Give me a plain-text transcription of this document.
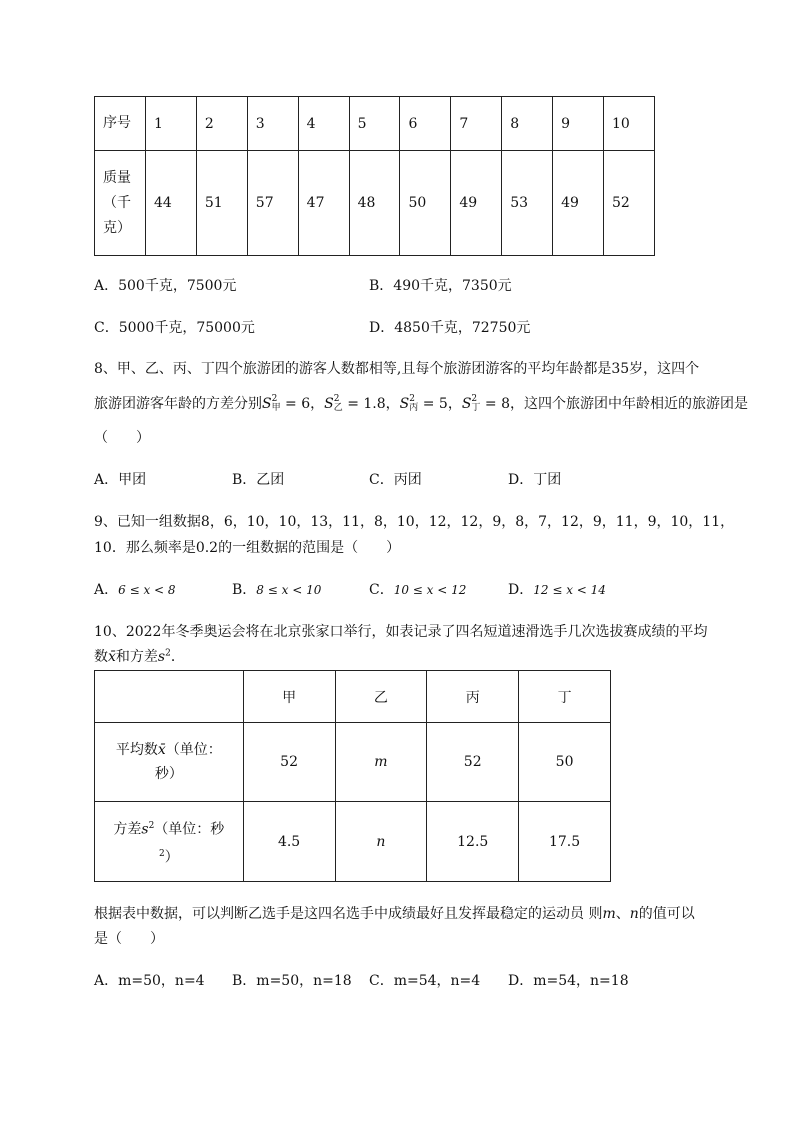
序号	1	2	3	4	5	6	7	8	9	10

质量
（千
克）	44	51	57	47	48	50	49	53	49	52
A．500千克，7500元	B．490千克，7350元
C．5000千克，75000元	D．4850千克，72750元
8、甲、乙、丙、丁四个旅游团的游客人数都相等,且每个旅游团游客的平均年龄都是35岁，这四个
旅游团游客年龄的方差分别S 2
甲 = 6，S 2
乙 = 1.8，S 2
丙 = 5，S 2
丁 = 8，这四个旅游团中年龄相近的旅游团是
（　　）
A．甲团	B．乙团	C．丙团	D．丁团
9、已知一组数据8，6，10，10，13，11，8，10，12，12，9，8，7，12，9，11，9，10，11，
10．那么频率是0.2的一组数据的范围是（　　）
A．6 ≤ x < 8	B．8 ≤ x < 10	C．10 ≤ x < 12	D．12 ≤ x < 14
10、2022年冬季奥运会将在北京张家口举行，如表记录了四名短道速滑选手几次选拔赛成绩的平均
数x̄和方差$s^2$．
	甲	乙	丙	丁

平均数x̄（单位：
秒）	52	m	52	50

方差$s^2$（单位：秒
$^2$）	4.5	n	12.5	17.5
根据表中数据，可以判断乙选手是这四名选手中成绩最好且发挥最稳定的运动员 则m、n的值可以
是（　　）
A．m=50，n=4 B．m=50，n=18 C．m=54，n=4 D．m=54，n=18
